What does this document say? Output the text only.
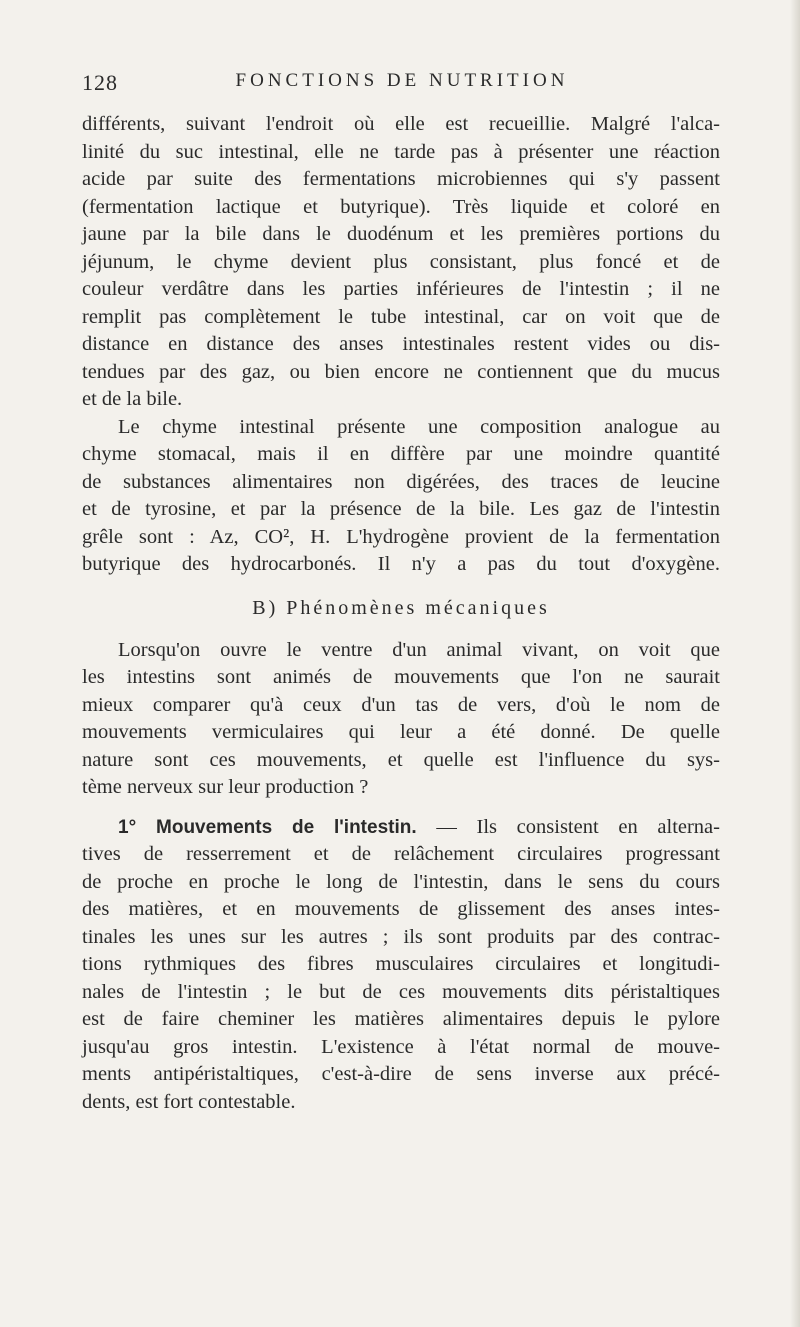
128	FONCTIONS DE NUTRITION
différents, suivant l'endroit où elle est recueillie. Malgré l'alca-
linité du suc intestinal, elle ne tarde pas à présenter une réaction
acide par suite des fermentations microbiennes qui s'y passent
(fermentation lactique et butyrique). Très liquide et coloré en
jaune par la bile dans le duodénum et les premières portions du
jéjunum, le chyme devient plus consistant, plus foncé et de
couleur verdâtre dans les parties inférieures de l'intestin ; il ne
remplit pas complètement le tube intestinal, car on voit que de
distance en distance des anses intestinales restent vides ou dis-
tendues par des gaz, ou bien encore ne contiennent que du mucus
et de la bile.
Le chyme intestinal présente une composition analogue au
chyme stomacal, mais il en diffère par une moindre quantité
de substances alimentaires non digérées, des traces de leucine
et de tyrosine, et par la présence de la bile. Les gaz de l'intestin
grêle sont : Az, CO², H. L'hydrogène provient de la fermentation
butyrique des hydrocarbonés. Il n'y a pas du tout d'oxygène.
B) Phénomènes mécaniques
Lorsqu'on ouvre le ventre d'un animal vivant, on voit que
les intestins sont animés de mouvements que l'on ne saurait
mieux comparer qu'à ceux d'un tas de vers, d'où le nom de
mouvements vermiculaires qui leur a été donné. De quelle
nature sont ces mouvements, et quelle est l'influence du sys-
tème nerveux sur leur production ?
1° Mouvements de l'intestin. — Ils consistent en alterna-
tives de resserrement et de relâchement circulaires progressant
de proche en proche le long de l'intestin, dans le sens du cours
des matières, et en mouvements de glissement des anses intes-
tinales les unes sur les autres ; ils sont produits par des contrac-
tions rythmiques des fibres musculaires circulaires et longitudi-
nales de l'intestin ; le but de ces mouvements dits péristaltiques
est de faire cheminer les matières alimentaires depuis le pylore
jusqu'au gros intestin. L'existence à l'état normal de mouve-
ments antipéristaltiques, c'est-à-dire de sens inverse aux précé-
dents, est fort contestable.
